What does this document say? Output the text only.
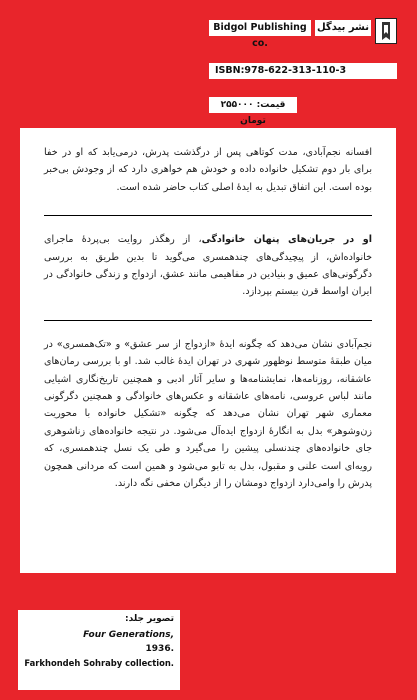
نشر بیدگل
Bidgol Publishing co.
ISBN:978-622-313-110-3
قیمت: ۲۵۵۰۰۰ تومان

افسانه نجم‌آبادی، مدت کوتاهی پس از درگذشت پدرش، درمی‌یابد که او در خفا برای بار دوم تشکیل خانواده داده و خودش هم خواهری دارد که از وجودش بی‌خبر بوده است. این اتفاق تبدیل به ایدهٔ اصلی کتاب حاضر شده است.

او در جریان‌های پنهان خانوادگی، از رهگذر روایت بی‌پردهٔ ماجرای خانواده‌اش، از پیچیدگی‌های چندهمسری می‌گوید تا بدین طریق به بررسی دگرگونی‌های عمیق و بنیادین در مفاهیمی مانند عشق، ازدواج و زندگی خانوادگی در ایران اواسط قرن بیستم بپردازد.

نجم‌آبادی نشان می‌دهد که چگونه ایدهٔ «ازدواج از سر عشق» و «تک‌همسری» در میان طبقهٔ متوسط نوظهور شهری در تهران ایدهٔ غالب شد. او با بررسی رمان‌های عاشقانه، روزنامه‌ها، نمایشنامه‌ها و سایر آثار ادبی و همچنین تاریخ‌نگاری اشیایی مانند لباس عروسی، نامه‌های عاشقانه و عکس‌های خانوادگی و همچنین دگرگونی معماری شهر تهران نشان می‌دهد که چگونه «تشکیل خانواده با محوریت زن‌وشوهر» بدل به انگارهٔ ازدواج ایده‌آل می‌شود. در نتیجه خانواده‌های زناشوهری جای خانواده‌های چندنسلی پیشین را می‌گیرد و طی یک نسل چندهمسری، که رویه‌ای است علنی و مقبول، بدل به تابو می‌شود و همین است که مردانی همچون پدرش را وامی‌دارد ازدواج دومشان را از دیگران مخفی نگه دارند.

تصویر جلد:
Four Generations,
1936.
Farkhondeh Sohraby collection.
